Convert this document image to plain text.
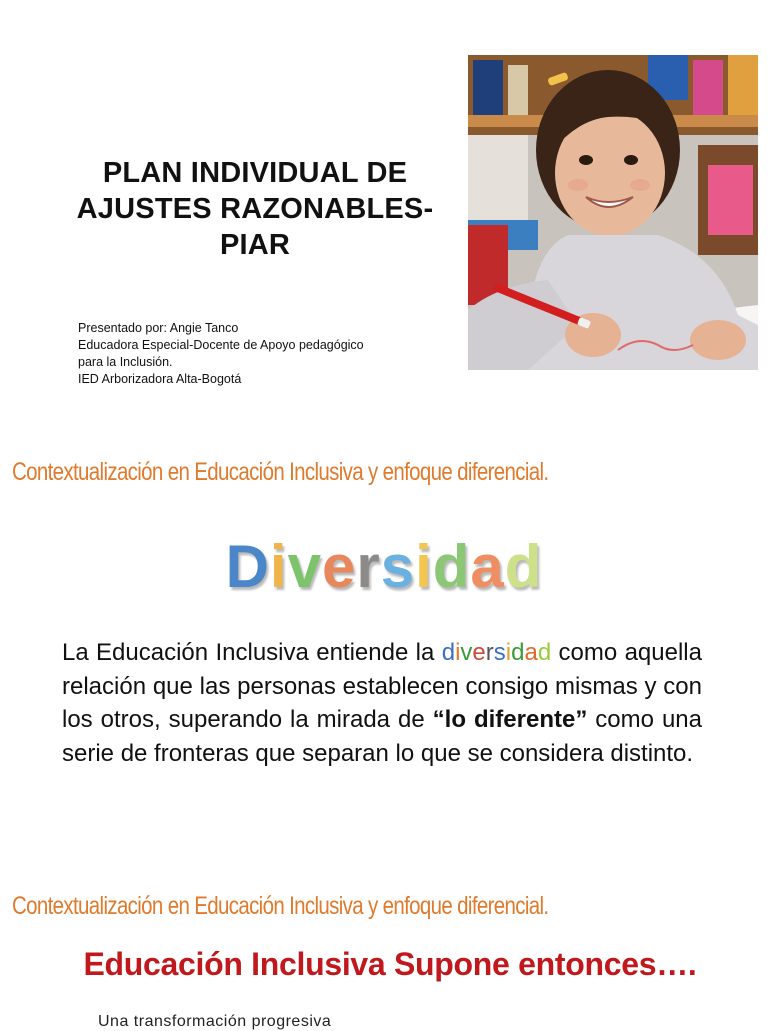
PLAN INDIVIDUAL DE
AJUSTES RAZONABLES-
PIAR
Presentado por: Angie Tanco
Educadora Especial-Docente de Apoyo pedagógico
para la Inclusión.
IED Arborizadora Alta-Bogotá
Contextualización en Educación Inclusiva y enfoque diferencial.
Diversidad
La Educación Inclusiva entiende la diversidad como aquella relación que las personas establecen consigo mismas y con los otros, superando la mirada de “lo diferente” como una serie de fronteras que separan lo que se considera distinto.
Contextualización en Educación Inclusiva y enfoque diferencial.
Educación Inclusiva Supone entonces….
Una transformación progresiva
